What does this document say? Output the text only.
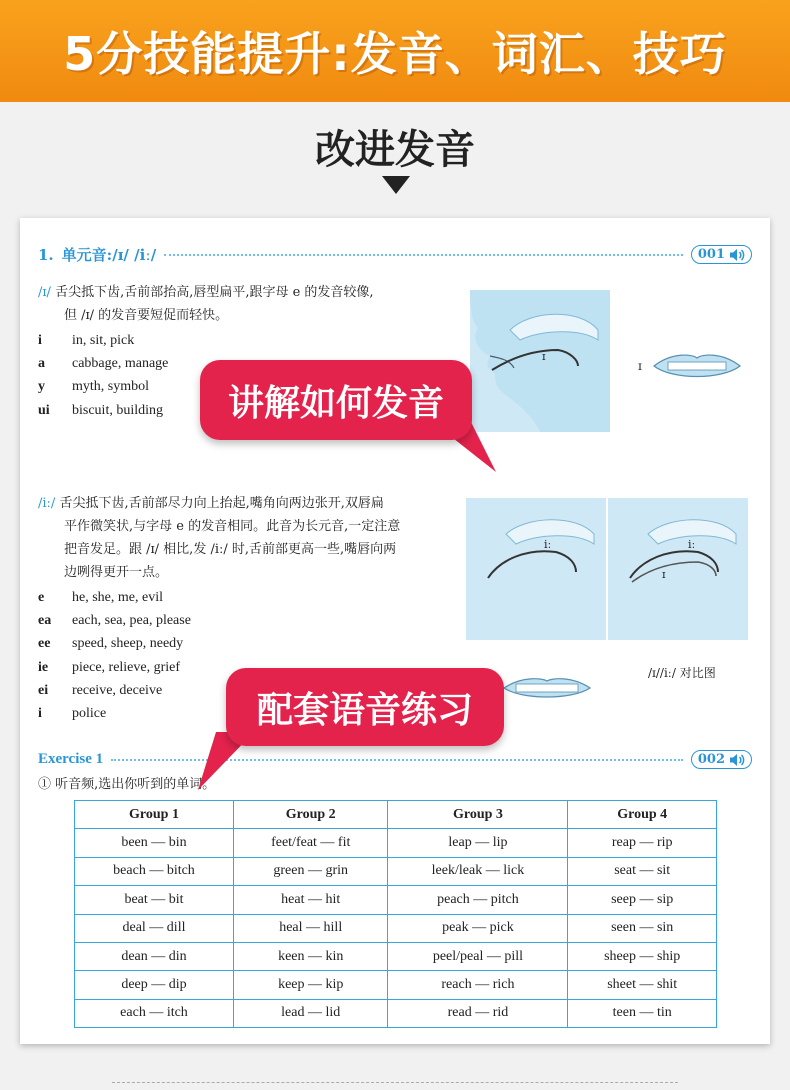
5分技能提升:发音、词汇、技巧
改进发音
1. 单元音:/ɪ/ /iː/	001
/ɪ/ 舌尖抵下齿,舌前部抬高,唇型扁平,跟字母 e 的发音较像,
但 /ɪ/ 的发音要短促而轻快。
i	in, sit, pick
a	cabbage, manage
y	myth, symbol
ui	biscuit, building
ɪ
ɪ
/iː/ 舌尖抵下齿,舌前部尽力向上抬起,嘴角向两边张开,双唇扁
平作微笑状,与字母 e 的发音相同。此音为长元音,一定注意
把音发足。跟 /ɪ/ 相比,发 /iː/ 时,舌前部更高一些,嘴唇向两
边咧得更开一点。
e	he, she, me, evil
ea	each, sea, pea, please
ee	speed, sheep, needy
ie	piece, relieve, grief
ei	receive, deceive
i	police
iː	iː
ɪ
/ɪ//iː/ 对比图
Exercise 1	002
① 听音频,选出你听到的单词。
Group 1	Group 2	Group 3	Group 4
been — bin	feet/feat — fit	leap — lip	reap — rip
beach — bitch	green — grin	leek/leak — lick	seat — sit
beat — bit	heat — hit	peach — pitch	seep — sip
deal — dill	heal — hill	peak — pick	seen — sin
dean — din	keen — kin	peel/peal — pill	sheep — ship
deep — dip	keep — kip	reach — rich	sheet — shit
each — itch	lead — lid	read — rid	teen — tin
讲解如何发音
配套语音练习
